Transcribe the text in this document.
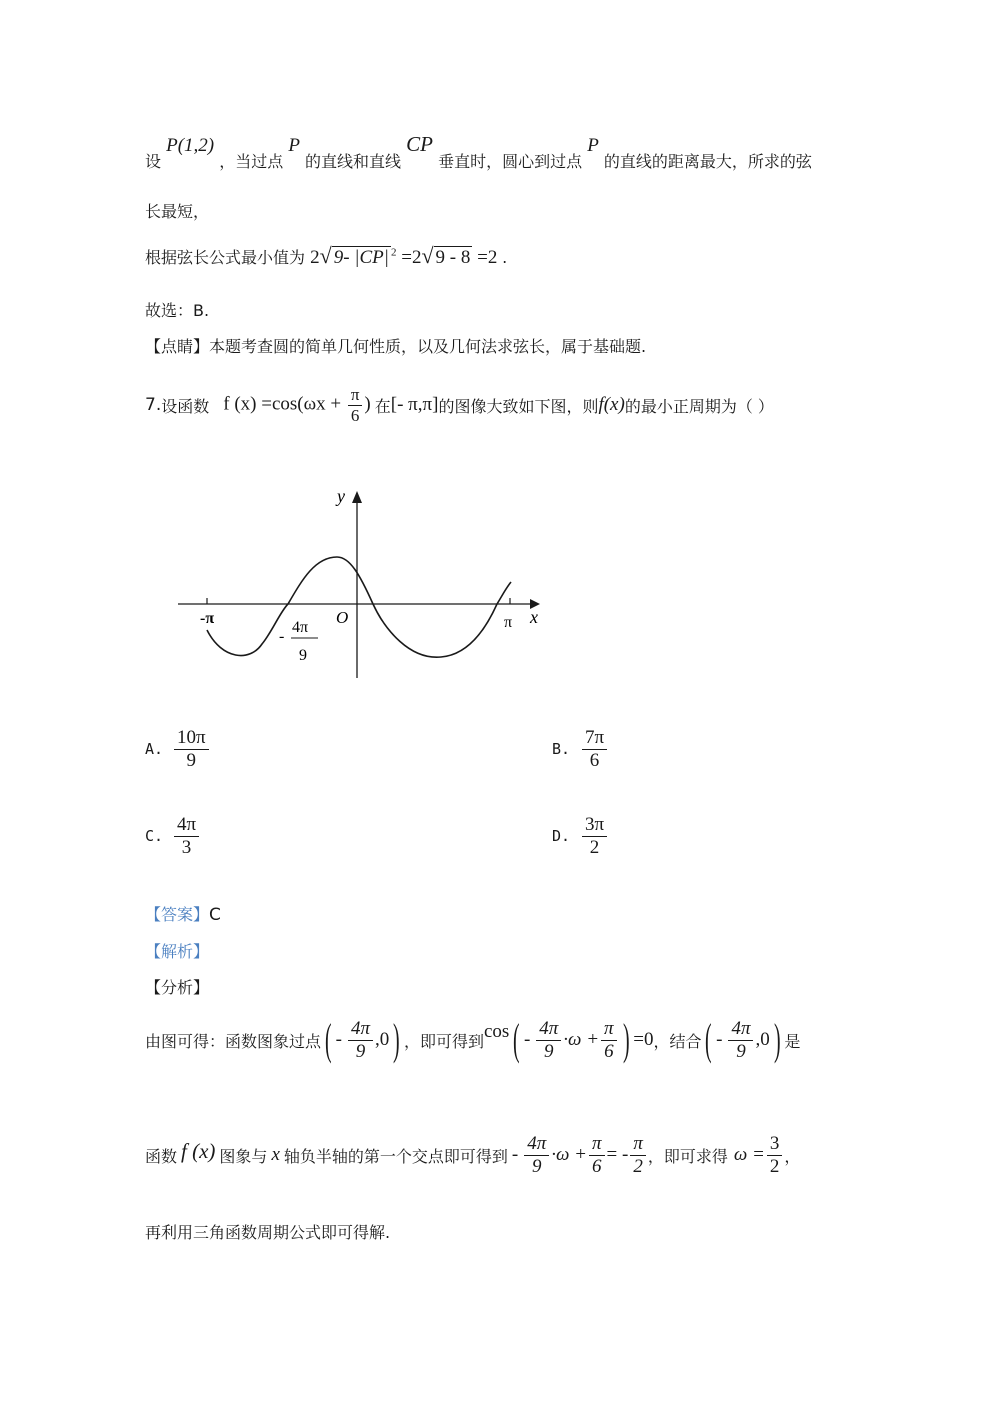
设 P(1,2) ，当过点 P 的直线和直线 CP 垂直时，圆心到过点 P 的直线的距离最大，所求的弦
长最短，
根据弦长公式最小值为 2√ 9- |CP| $^2$ =2√ 9 - 8 =2 .
故选：B.
【点睛】本题考查圆的简单几何性质，以及几何法求弦长，属于基础题.
7. 设函数 f $(x) =\cos(\omega x + \frac{\pi}{6}$ ) 在 [- π,π] 的图像大致如下图，则 f(x) 的最小正周期为（ ）
y
x
O
-π	π
-
4π
9
A. $\frac{10\pi}{9}$	B. $\frac{7\pi}{6}$
C. $\frac{4\pi}{3}$	D. $\frac{3\pi}{2}$
【答案】C
【解析】
【分析】
由图可得：函数图象过点 ( - $\frac{4\pi}{9} ,0$ ) ，即可得到 cos ( - $\frac{4\pi}{9} \cdot\omega + \frac{\pi}{6}$ ) =0 ，结合 ( - $\frac{4\pi}{9} ,0$ ) 是
函数 f (x) 图象与 x 轴负半轴的第一个交点即可得到 - $\frac{4\pi}{9} \cdot\omega + \frac{\pi}{6}$ = - $\frac{\pi}{2}$ ，即可求得 $\omega = \frac{3}{2}$ ，
再利用三角函数周期公式即可得解.
